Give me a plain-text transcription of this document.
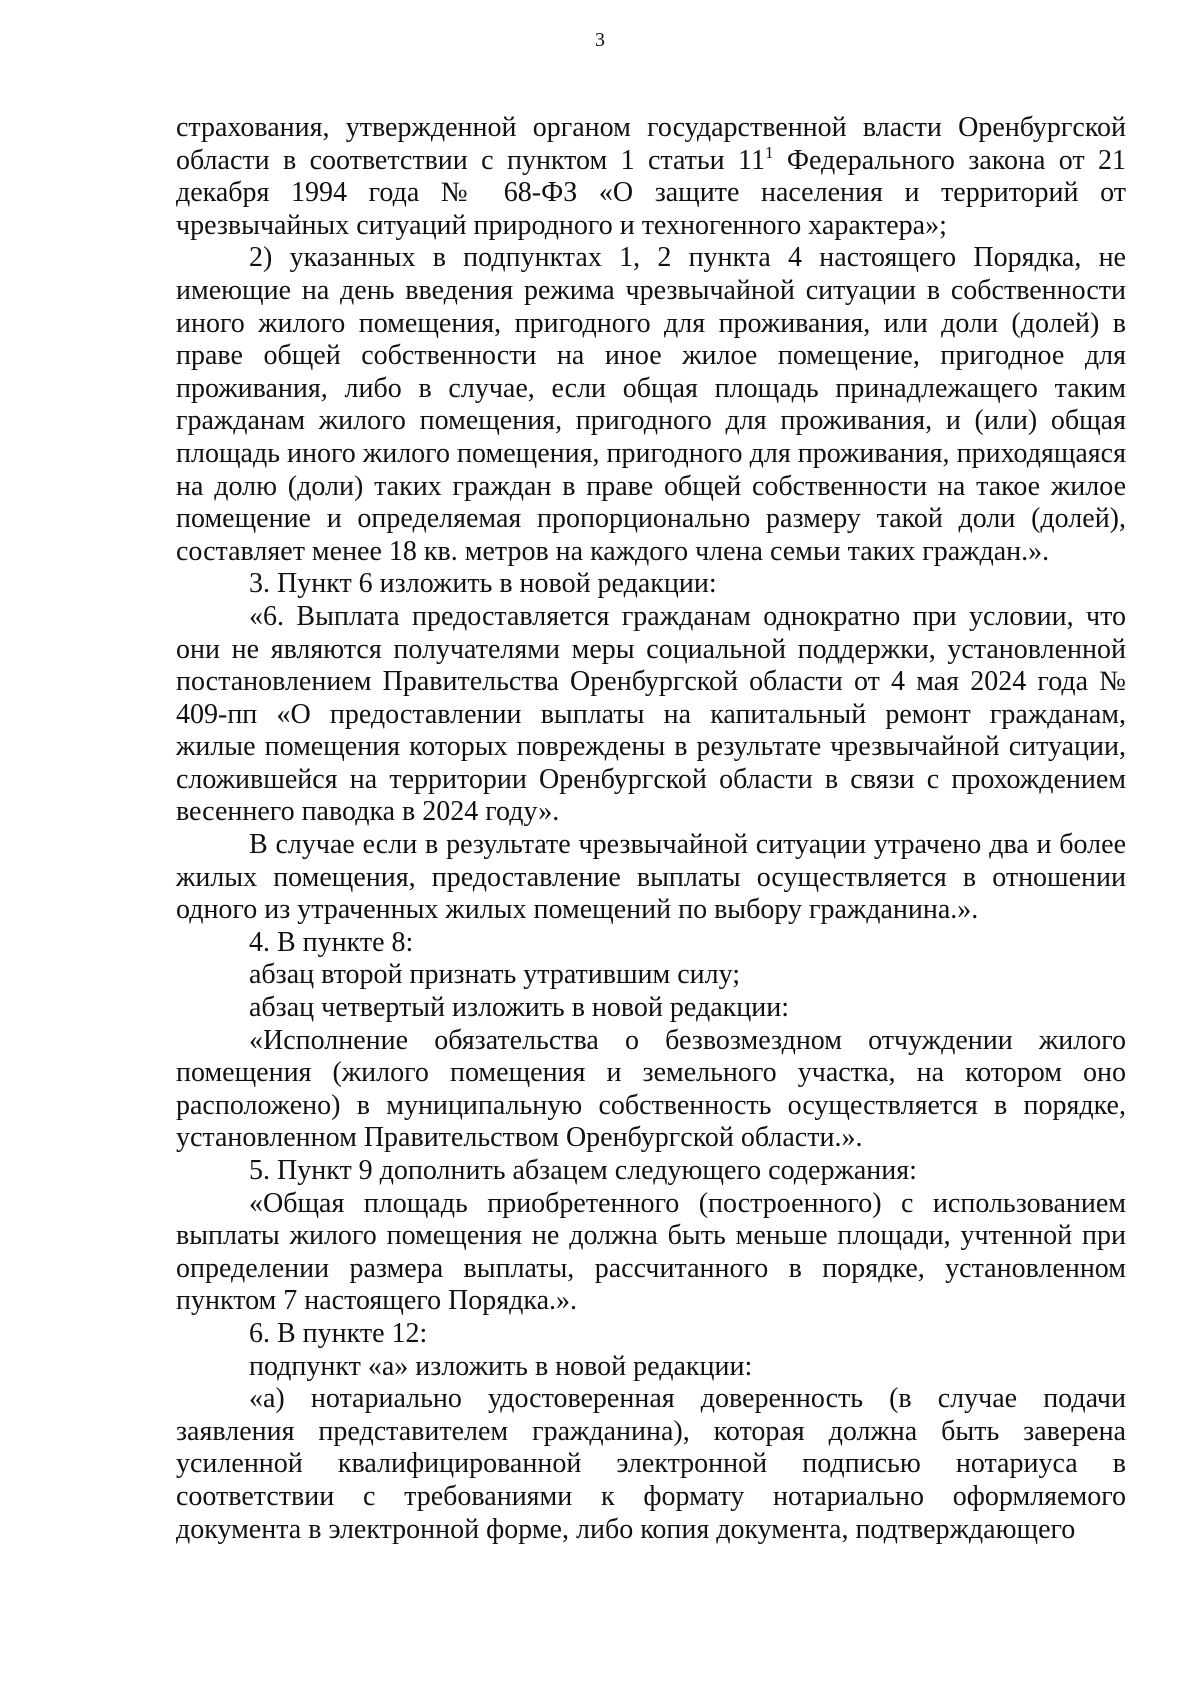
3

страхования, утвержденной органом государственной власти Оренбургской области в соответствии с пунктом 1 статьи $11^1$ Федерального закона от 21 декабря 1994 года № 68-ФЗ «О защите населения и территорий от чрезвычайных ситуаций природного и техногенного характера»;

2) указанных в подпунктах 1, 2 пункта 4 настоящего Порядка, не имеющие на день введения режима чрезвычайной ситуации в собственности иного жилого помещения, пригодного для проживания, или доли (долей) в праве общей собственности на иное жилое помещение, пригодное для проживания, либо в случае, если общая площадь принадлежащего таким гражданам жилого помещения, пригодного для проживания, и (или) общая площадь иного жилого помещения, пригодного для проживания, приходящаяся на долю (доли) таких граждан в праве общей собственности на такое жилое помещение и определяемая пропорционально размеру такой доли (долей), составляет менее 18 кв. метров на каждого члена семьи таких граждан.».

3. Пункт 6 изложить в новой редакции:

«6. Выплата предоставляется гражданам однократно при условии, что они не являются получателями меры социальной поддержки, установленной постановлением Правительства Оренбургской области от 4 мая 2024 года № 409-пп «О предоставлении выплаты на капитальный ремонт гражданам, жилые помещения которых повреждены в результате чрезвычайной ситуации, сложившейся на территории Оренбургской области в связи с прохождением весеннего паводка в 2024 году».

В случае если в результате чрезвычайной ситуации утрачено два и более жилых помещения, предоставление выплаты осуществляется в отношении одного из утраченных жилых помещений по выбору гражданина.».

4. В пункте 8:

абзац второй признать утратившим силу;

абзац четвертый изложить в новой редакции:

«Исполнение обязательства о безвозмездном отчуждении жилого помещения (жилого помещения и земельного участка, на котором оно расположено) в муниципальную собственность осуществляется в порядке, установленном Правительством Оренбургской области.».

5. Пункт 9 дополнить абзацем следующего содержания:

«Общая площадь приобретенного (построенного) с использованием выплаты жилого помещения не должна быть меньше площади, учтенной при определении размера выплаты, рассчитанного в порядке, установленном пунктом 7 настоящего Порядка.».

6. В пункте 12:

подпункт «а» изложить в новой редакции:

«а) нотариально удостоверенная доверенность (в случае подачи заявления представителем гражданина), которая должна быть заверена усиленной квалифицированной электронной подписью нотариуса в соответствии с требованиями к формату нотариально оформляемого документа в электронной форме, либо копия документа, подтверждающего
